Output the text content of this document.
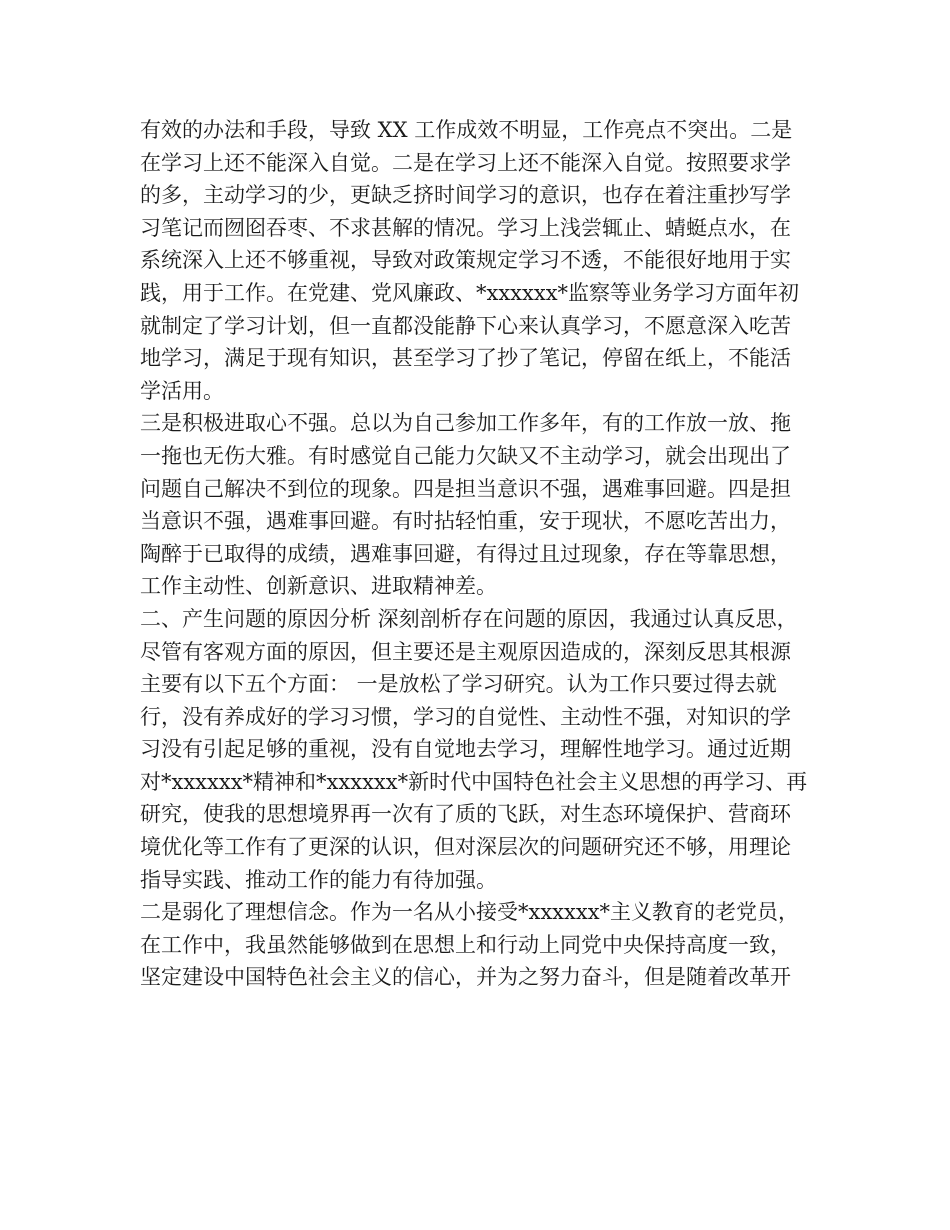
有效的办法和手段，导致 XX 工作成效不明显，工作亮点不突出。二是
在学习上还不能深入自觉。二是在学习上还不能深入自觉。按照要求学
的多，主动学习的少，更缺乏挤时间学习的意识，也存在着注重抄写学
习笔记而囫囵吞枣、不求甚解的情况。学习上浅尝辄止、蜻蜓点水，在
系统深入上还不够重视，导致对政策规定学习不透，不能很好地用于实
践，用于工作。在党建、党风廉政、*xxxxxx*监察等业务学习方面年初
就制定了学习计划，但一直都没能静下心来认真学习，不愿意深入吃苦
地学习，满足于现有知识，甚至学习了抄了笔记，停留在纸上，不能活
学活用。
三是积极进取心不强。总以为自己参加工作多年，有的工作放一放、拖
一拖也无伤大雅。有时感觉自己能力欠缺又不主动学习，就会出现出了
问题自己解决不到位的现象。四是担当意识不强，遇难事回避。四是担
当意识不强，遇难事回避。有时拈轻怕重，安于现状，不愿吃苦出力，
陶醉于已取得的成绩，遇难事回避，有得过且过现象，存在等靠思想，
工作主动性、创新意识、进取精神差。
二、产生问题的原因分析 深刻剖析存在问题的原因，我通过认真反思，
尽管有客观方面的原因，但主要还是主观原因造成的，深刻反思其根源
主要有以下五个方面： 一是放松了学习研究。认为工作只要过得去就
行，没有养成好的学习习惯，学习的自觉性、主动性不强，对知识的学
习没有引起足够的重视，没有自觉地去学习，理解性地学习。通过近期
对*xxxxxx*精神和*xxxxxx*新时代中国特色社会主义思想的再学习、再
研究，使我的思想境界再一次有了质的飞跃，对生态环境保护、营商环
境优化等工作有了更深的认识，但对深层次的问题研究还不够，用理论
指导实践、推动工作的能力有待加强。
二是弱化了理想信念。作为一名从小接受*xxxxxx*主义教育的老党员，
在工作中，我虽然能够做到在思想上和行动上同党中央保持高度一致，
坚定建设中国特色社会主义的信心，并为之努力奋斗，但是随着改革开
